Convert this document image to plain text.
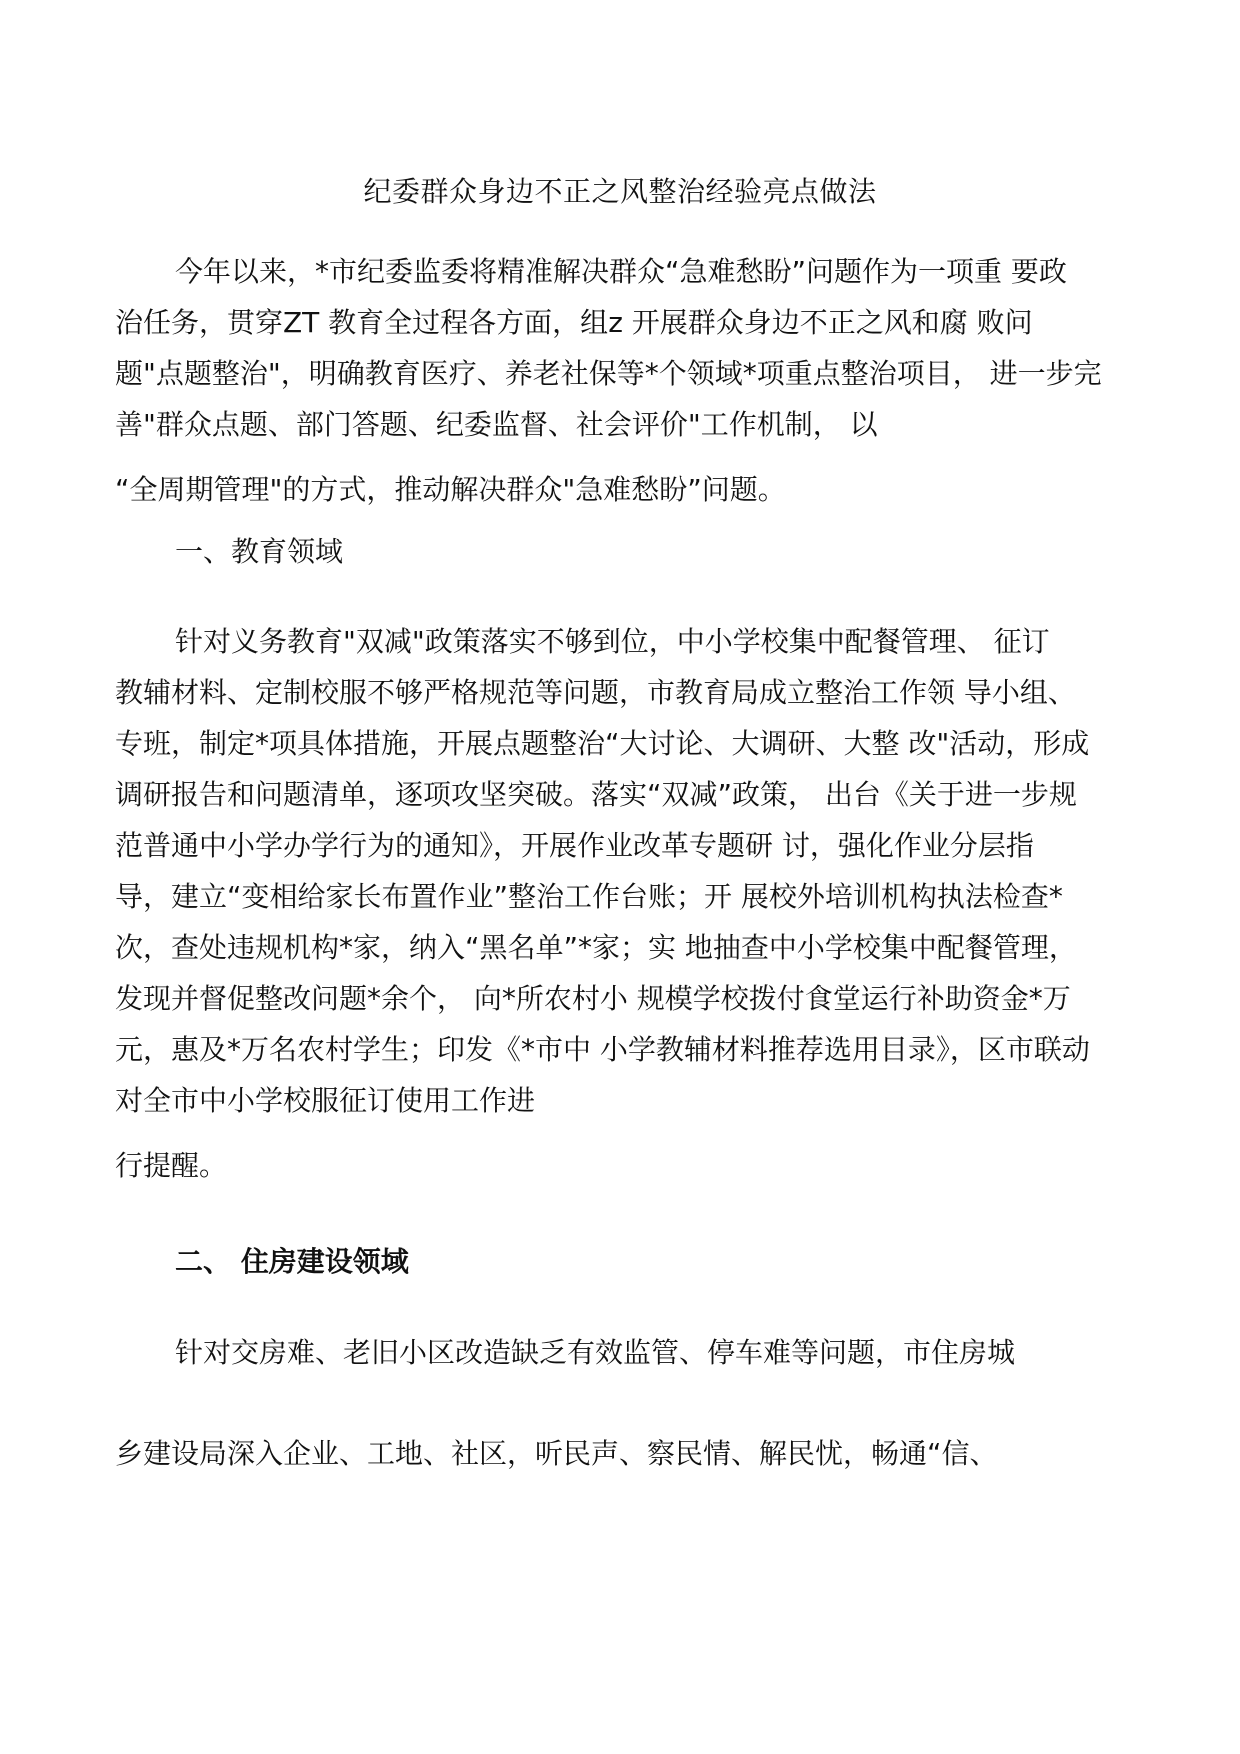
纪委群众身边不正之风整治经验亮点做法
今年以来，*市纪委监委将精准解决群众“急难愁盼”问题作为一项重 要政
治任务，贯穿ZT 教育全过程各方面，组z 开展群众身边不正之风和腐 败问
题"点题整治"，明确教育医疗、养老社保等*个领域*项重点整治项目， 进一步完
善"群众点题、部门答题、纪委监督、社会评价"工作机制， 以
“全周期管理"的方式，推动解决群众"急难愁盼”问题。
一、教育领域
针对义务教育"双减"政策落实不够到位，中小学校集中配餐管理、 征订
教辅材料、定制校服不够严格规范等问题，市教育局成立整治工作领 导小组、
专班，制定*项具体措施，开展点题整治“大讨论、大调研、大整 改"活动，形成
调研报告和问题清单，逐项攻坚突破。落实“双减”政策， 出台《关于进一步规
范普通中小学办学行为的通知》，开展作业改革专题研 讨，强化作业分层指
导，建立“变相给家长布置作业”整治工作台账；开 展校外培训机构执法检查*
次，查处违规机构*家，纳入“黑名单”*家；实 地抽查中小学校集中配餐管理，
发现并督促整改问题*余个， 向*所农村小 规模学校拨付食堂运行补助资金*万
元，惠及*万名农村学生；印发《*市中 小学教辅材料推荐选用目录》，区市联动
对全市中小学校服征订使用工作进
行提醒。
二、 住房建设领域
针对交房难、老旧小区改造缺乏有效监管、停车难等问题，市住房城
乡建设局深入企业、工地、社区，听民声、察民情、解民忧，畅通“信、
